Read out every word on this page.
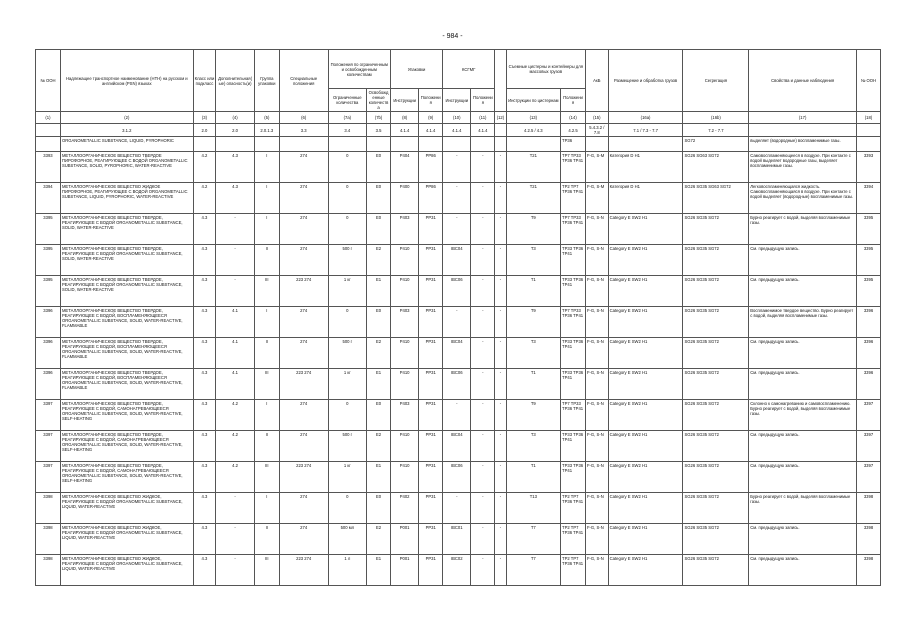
- 984 -
№ ООН	Надлежащее транспортное наименование (НТН) на русском и английском (PSN) языках	Класс или подкласс	Дополнительная(ые) опасность(и)	Группа упаковки	Специальные положения	Положения по ограниченным и освобожденным количествам		Упаковки		КСГМГ			Съемные цистерны и контейнеры для массовых грузов		АкБ	Размещение и обработка грузов	Сегрегация	Свойства и данные наблюдения	№ ООН
						Ограниченные количества	Освобожденные количества	Инструкции	Положения	Инструкции	Положения		Инструкции по цистернам	Положения					
(1)	(2)	(3)	(4)	(5)	(6)	(7a)	(7b)	(8)	(9)	(10)	(11)	(12)	(13)	(14)	(15)	(16a)	(16b)	(17)	(18)
	3.1.2	2.0	2.0	2.0.1.3	3.3	3.4	3.5	4.1.4	4.1.4	4.1.4	4.1.4		4.2.5 / 4.3	4.2.5	5.4.3.2 / 7.8	7.1 / 7.3 - 7.7	7.2 - 7.7		
	ORGANOMETALLIC SUBSTANCE, LIQUID, PYROPHORIC													TP36			SG72	выделяет (водородные) воспламенимые газы.	
3393	МЕТАЛЛООРГАНИЧЕСКОЕ ВЕЩЕСТВО ТВЕРДОЕ ПИРОФОРНОЕ, РЕАГИРУЮЩЕЕ С ВОДОЙ ORGANOMETALLIC SUBSTANCE, SOLID, PYROPHORIC, WATER-REACTIVE	4.2	4.3	I	274	0	E0	P404	PP86	-	-	-	T21	TP7 TP33 TP36 TP41	F-G, S-M	Категория D H1	SG26 SG63 SG72	Самовоспламеняющееся в воздухе. При контакте с водой выделяет водородные газы, выделяет воспламенимые газы.	3393
3394	МЕТАЛЛООРГАНИЧЕСКОЕ ВЕЩЕСТВО ЖИДКОЕ ПИРОФОРНОЕ, РЕАГИРУЮЩЕЕ С ВОДОЙ ORGANOMETALLIC SUBSTANCE, LIQUID, PYROPHORIC, WATER-REACTIVE	4.2	4.3	I	274	0	E0	P400	PP86	-	-	-	T21	TP2 TP7 TP36 TP41	F-G, S-M	Категория D H1	SG26 SG35 SG63 SG72	Легковоспламеняющаяся жидкость. Самовоспламеняющаяся в воздухе. При контакте с водой выделяет (водородные) воспламенимые газы.	3394
3395	МЕТАЛЛООРГАНИЧЕСКОЕ ВЕЩЕСТВО ТВЕРДОЕ, РЕАГИРУЮЩЕЕ С ВОДОЙ ORGANOMETALLIC SUBSTANCE, SOLID, WATER-REACTIVE	4.3	-	I	274	0	E0	P403	PP31	-	-	-	T9	TP7 TP33 TP36 TP41	F-G, S-N	Category E SW2 H1	SG26 SG35 SG72	Бурно реагирует с водой, выделяя воспламенимые газы.	3395
3395	МЕТАЛЛООРГАНИЧЕСКОЕ ВЕЩЕСТВО ТВЕРДОЕ, РЕАГИРУЮЩЕЕ С ВОДОЙ ORGANOMETALLIC SUBSTANCE, SOLID, WATER-REACTIVE	4.3	-	II	274	500 г	E2	P410	PP31	IBC04	-	-	T3	TP33 TP36 TP41	F-G, S-N	Category E SW2 H1	SG26 SG35 SG72	См. предыдущую запись.	3395
3395	МЕТАЛЛООРГАНИЧЕСКОЕ ВЕЩЕСТВО ТВЕРДОЕ, РЕАГИРУЮЩЕЕ С ВОДОЙ ORGANOMETALLIC SUBSTANCE, SOLID, WATER-REACTIVE	4.3	-	III	223 274	1 кг	E1	P410	PP31	IBC06	-	-	T1	TP33 TP36 TP41	F-G, S-N	Category E SW2 H1	SG26 SG35 SG72	См. предыдущую запись.	3395
3396	МЕТАЛЛООРГАНИЧЕСКОЕ ВЕЩЕСТВО ТВЕРДОЕ, РЕАГИРУЮЩЕЕ С ВОДОЙ, ВОСПЛАМЕНЯЮЩЕЕСЯ ORGANOMETALLIC SUBSTANCE, SOLID, WATER-REACTIVE, FLAMMABLE	4.3	4.1	I	274	0	E0	P403	PP31	-	-	-	T9	TP7 TP33 TP36 TP41	F-G, S-N	Category E SW2 H1	SG26 SG35 SG72	Воспламенимое твердое вещество. Бурно реагирует с водой, выделяя воспламенимые газы.	3396
3396	МЕТАЛЛООРГАНИЧЕСКОЕ ВЕЩЕСТВО ТВЕРДОЕ, РЕАГИРУЮЩЕЕ С ВОДОЙ, ВОСПЛАМЕНЯЮЩЕЕСЯ ORGANOMETALLIC SUBSTANCE, SOLID, WATER-REACTIVE, FLAMMABLE	4.3	4.1	II	274	500 г	E2	P410	PP31	IBC04	-	-	T3	TP33 TP36 TP41	F-G, S-N	Category E SW2 H1	SG26 SG35 SG72	См. предыдущую запись.	3396
3396	МЕТАЛЛООРГАНИЧЕСКОЕ ВЕЩЕСТВО ТВЕРДОЕ, РЕАГИРУЮЩЕЕ С ВОДОЙ, ВОСПЛАМЕНЯЮЩЕЕСЯ ORGANOMETALLIC SUBSTANCE, SOLID, WATER-REACTIVE, FLAMMABLE	4.3	4.1	III	223 274	1 кг	E1	P410	PP31	IBC06	-	-	T1	TP33 TP36 TP41	F-G, S-N	Category E SW2 H1	SG26 SG35 SG72	См. предыдущую запись.	3396
3397	МЕТАЛЛООРГАНИЧЕСКОЕ ВЕЩЕСТВО ТВЕРДОЕ, РЕАГИРУЮЩЕЕ С ВОДОЙ, САМОНАГРЕВАЮЩЕЕСЯ ORGANOMETALLIC SUBSTANCE, SOLID, WATER-REACTIVE, SELF-HEATING	4.3	4.2	I	274	0	E0	P403	PP31	-	-	-	T9	TP7 TP33 TP36 TP41	F-G, S-N	Category E SW2 H1	SG26 SG35 SG72	Склонно к самонагреванию и самовоспламенению. Бурно реагирует с водой, выделяя воспламенимые газы.	3397
3397	МЕТАЛЛООРГАНИЧЕСКОЕ ВЕЩЕСТВО ТВЕРДОЕ, РЕАГИРУЮЩЕЕ С ВОДОЙ, САМОНАГРЕВАЮЩЕЕСЯ ORGANOMETALLIC SUBSTANCE, SOLID, WATER-REACTIVE, SELF-HEATING	4.3	4.2	II	274	500 г	E2	P410	PP31	IBC04	-	-	T3	TP33 TP36 TP41	F-G, S-N	Category E SW2 H1	SG26 SG35 SG72	См. предыдущую запись.	3397
3397	МЕТАЛЛООРГАНИЧЕСКОЕ ВЕЩЕСТВО ТВЕРДОЕ, РЕАГИРУЮЩЕЕ С ВОДОЙ, САМОНАГРЕВАЮЩЕЕСЯ ORGANOMETALLIC SUBSTANCE, SOLID, WATER-REACTIVE, SELF-HEATING	4.3	4.2	III	223 274	1 кг	E1	P410	PP31	IBC06	-	-	T1	TP33 TP36 TP41	F-G, S-N	Category E SW2 H1	SG26 SG35 SG72	См. предыдущую запись.	3397
3398	МЕТАЛЛООРГАНИЧЕСКОЕ ВЕЩЕСТВО ЖИДКОЕ, РЕАГИРУЮЩЕЕ С ВОДОЙ ORGANOMETALLIC SUBSTANCE, LIQUID, WATER-REACTIVE	4.3	-	I	274	0	E0	P402	PP31	-	-	-	T13	TP2 TP7 TP36 TP41	F-G, S-N	Category E SW2 H1	SG26 SG35 SG72	Бурно реагирует с водой, выделяя воспламенимые газы.	3398
3398	МЕТАЛЛООРГАНИЧЕСКОЕ ВЕЩЕСТВО ЖИДКОЕ, РЕАГИРУЮЩЕЕ С ВОДОЙ ORGANOMETALLIC SUBSTANCE, LIQUID, WATER-REACTIVE	4.3	-	II	274	500 мл	E2	P001	PP31	IBC01	-	-	T7	TP2 TP7 TP36 TP41	F-G, S-N	Category E SW2 H1	SG26 SG35 SG72	См. предыдущую запись.	3398
3398	МЕТАЛЛООРГАНИЧЕСКОЕ ВЕЩЕСТВО ЖИДКОЕ, РЕАГИРУЮЩЕЕ С ВОДОЙ ORGANOMETALLIC SUBSTANCE, LIQUID, WATER-REACTIVE	4.3	-	III	223 274	1 л	E1	P001	PP31	IBC02	-	-	T7	TP2 TP7 TP36 TP41	F-G, S-N	Category E SW2 H1	SG26 SG35 SG72	См. предыдущую запись.	3398
